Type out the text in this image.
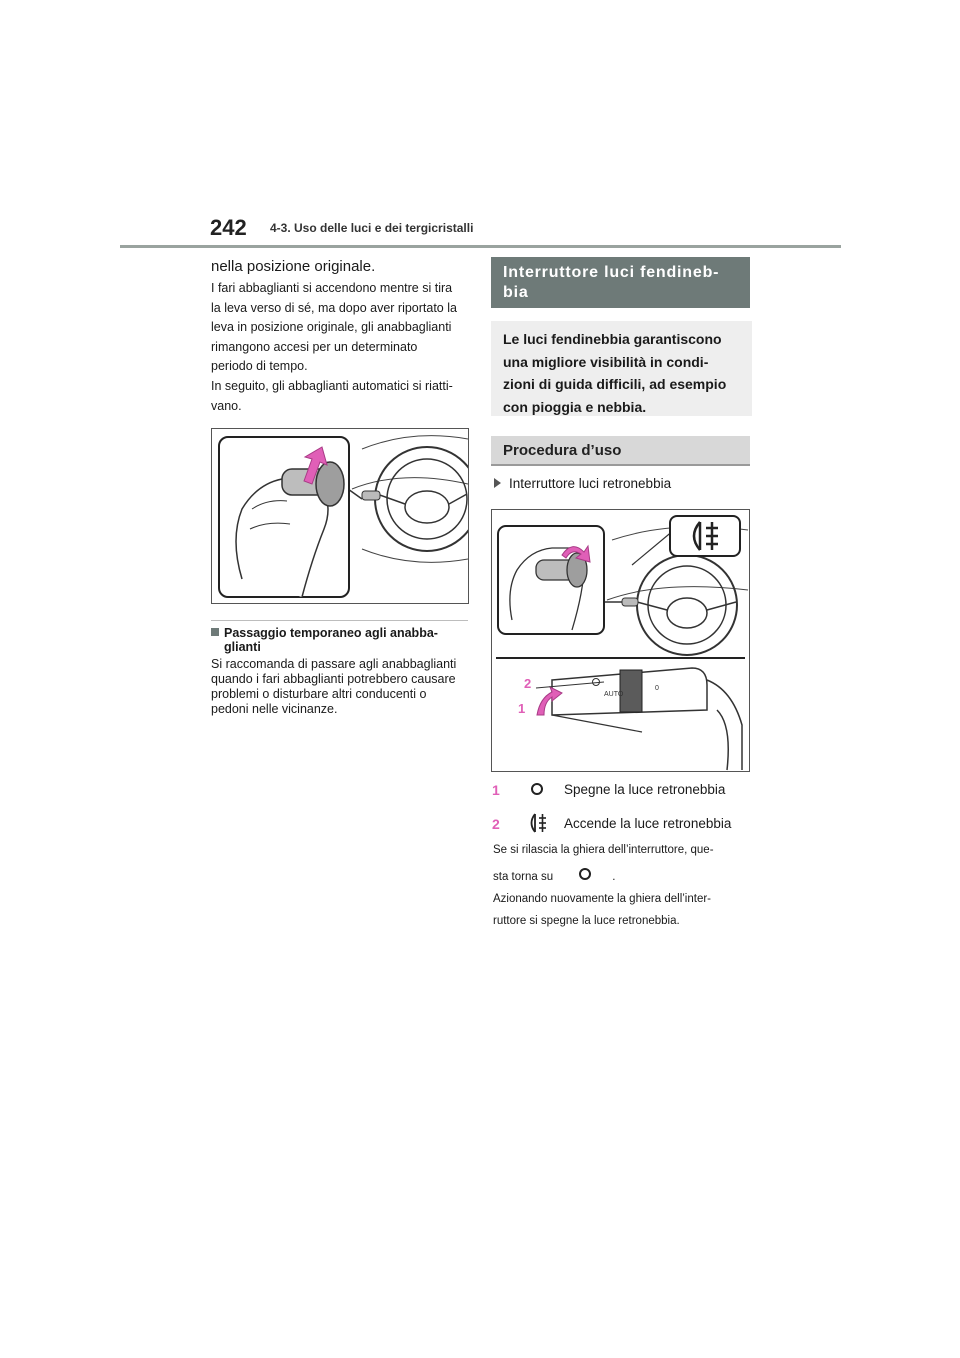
242 4-3. Uso delle luci e dei tergicristalli
nella posizione originale.
I fari abbaglianti si accendono mentre si tira
la leva verso di sé, ma dopo aver riportato la
leva in posizione originale, gli anabbaglianti
rimangono accesi per un determinato
periodo di tempo.
In seguito, gli abbaglianti automatici si riatti-
vano.
Passaggio temporaneo agli anabba-
glianti
Si raccomanda di passare agli anabbaglianti
quando i fari abbaglianti potrebbero causare
problemi o disturbare altri conducenti o
pedoni nelle vicinanze.
Interruttore luci fendineb-
bia
Le luci fendinebbia garantiscono
una migliore visibilità in condi-
zioni di guida difficili, ad esempio
con pioggia e nebbia.
Procedura d’uso
Interruttore luci retronebbia
AUTO
0
2
1
1	Spegne la luce retronebbia
2	Accende la luce retronebbia
Se si rilascia la ghiera dell’interruttore, que-
sta torna su	.
Azionando nuovamente la ghiera dell’inter-
ruttore si spegne la luce retronebbia.
